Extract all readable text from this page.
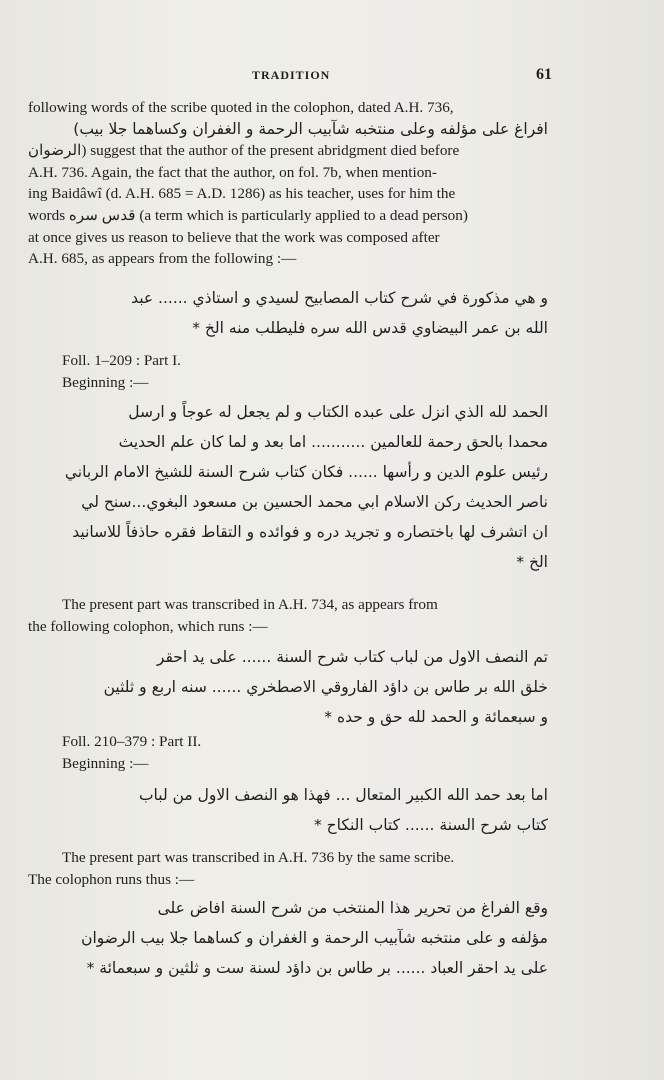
TRADITION	61
following words of the scribe quoted in the colophon, dated A.H. 736,
افراغ على مؤلفه وعلى منتخبه شآبيب الرحمة و الغفران وكساهما جلا بيب)
الرضوان) suggest that the author of the present abridgment died before
A.H. 736. Again, the fact that the author, on fol. 7b, when mention-
ing Baidâwî (d. A.H. 685 = A.D. 1286) as his teacher, uses for him the
words قدس سره (a term which is particularly applied to a dead person)
at once gives us reason to believe that the work was composed after
A.H. 685, as appears from the following :—
و هي مذكورة في شرح كتاب المصابيح لسيدي و استاذي ...... عبد
الله بن عمر البيضاوي قدس الله سره فليطلب منه الخ *
Foll. 1–209 : Part I.
Beginning :—
الحمد لله الذي انزل على عبده الكتاب و لم يجعل له عوجاً و ارسل
محمدا بالحق رحمة للعالمين ........... اما بعد و لما كان علم الحديث
رئيس علوم الدين و رأسها ...... فكان كتاب شرح السنة للشيخ الامام الرباني
ناصر الحديث ركن الاسلام ابي محمد الحسين بن مسعود البغوي...سنح لي
ان اتشرف لها باختصاره و تجريد دره و فوائده و التقاط فقره حاذفاً للاسانيد
الخ *
The present part was transcribed in A.H. 734, as appears from
the following colophon, which runs :—
تم النصف الاول من لباب كتاب شرح السنة ...... على يد احقر
خلق الله بر طاس بن داؤد الفاروقي الاصطخري ...... سنه اربع و ثلثين
و سبعمائة و الحمد لله حق و حده *
Foll. 210–379 : Part II.
Beginning :—
اما بعد حمد الله الكبير المتعال ... فهذا هو النصف الاول من لباب
كتاب شرح السنة ...... كتاب النكاح *
The present part was transcribed in A.H. 736 by the same scribe.
The colophon runs thus :—
وقع الفراغ من تحرير هذا المنتخب من شرح السنة افاض على
مؤلفه و على منتخبه شآبيب الرحمة و الغفران و كساهما جلا بيب الرضوان
على يد احقر العباد ...... بر طاس بن داؤد لسنة ست و ثلثين و سبعمائة *
